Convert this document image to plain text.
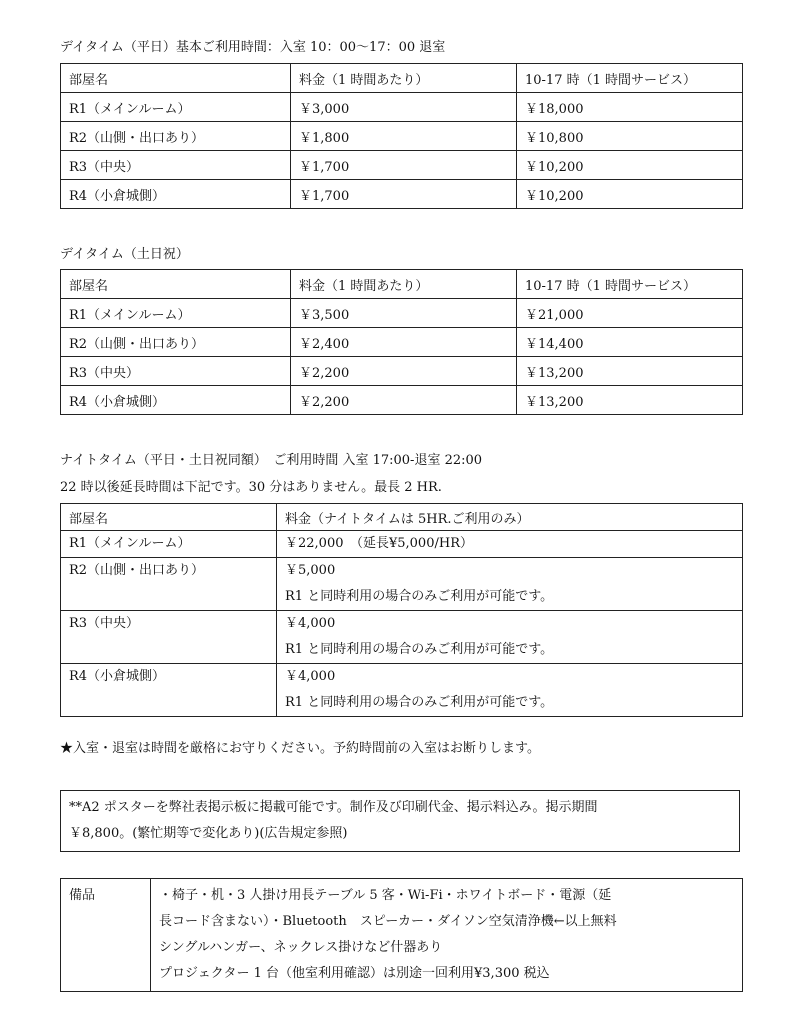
デイタイム（平日）基本ご利用時間：入室 10：00～17：00 退室
部屋名	料金（1 時間あたり）	10-17 時（1 時間サービス）
R1（メインルーム）	￥3,000	￥18,000
R2（山側・出口あり）	￥1,800	￥10,800
R3（中央）	￥1,700	￥10,200
R4（小倉城側）	￥1,700	￥10,200
デイタイム（土日祝）
部屋名	料金（1 時間あたり）	10-17 時（1 時間サービス）
R1（メインルーム）	￥3,500	￥21,000
R2（山側・出口あり）	￥2,400	￥14,400
R3（中央）	￥2,200	￥13,200
R4（小倉城側）	￥2,200	￥13,200
ナイトタイム（平日・土日祝同額）　ご利用時間 入室 17:00-退室 22:00
22 時以後延長時間は下記です。30 分はありません。最長 2 HR.
部屋名	料金（ナイトタイムは 5HR.ご利用のみ）
R1（メインルーム）	￥22,000　（延長¥5,000/HR）

R2（山側・出口あり）	￥5,000
R1 と同時利用の場合のみご利用が可能です。

R3（中央）	￥4,000
R1 と同時利用の場合のみご利用が可能です。

R4（小倉城側）	￥4,000
R1 と同時利用の場合のみご利用が可能です。
★入室・退室は時間を厳格にお守りください。予約時間前の入室はお断りします。
**A2 ポスターを弊社表掲示板に掲載可能です。制作及び印刷代金、掲示料込み。掲示期間
￥8,800。(繁忙期等で変化あり)(広告規定参照)
備品	・椅子・机・3 人掛け用長テーブル 5 客・Wi-Fi・ホワイトボード・電源（延
長コード含まない）・Bluetooth　スピーカー・ダイソン空気清浄機←以上無料
シングルハンガー、ネックレス掛けなど什器あり
プロジェクター 1 台（他室利用確認）は別途一回利用¥3,300 税込
